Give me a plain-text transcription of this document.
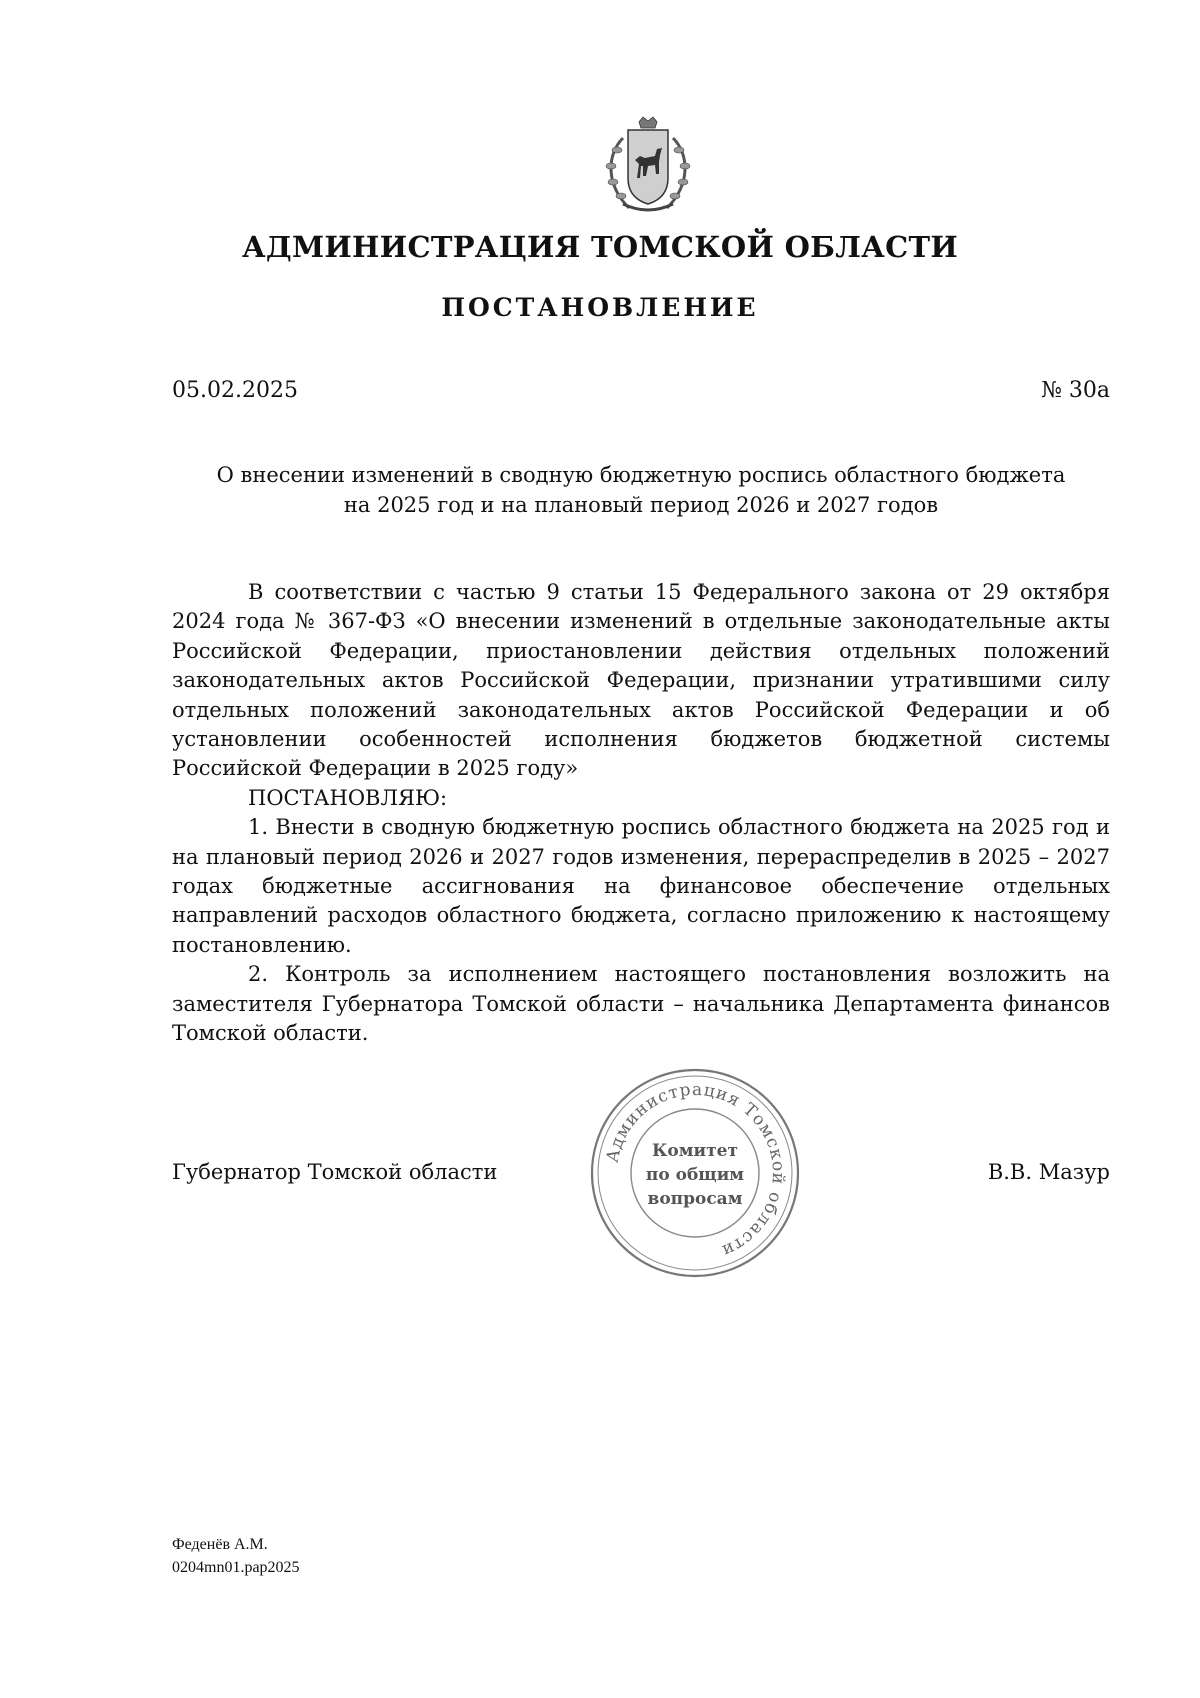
АДМИНИСТРАЦИЯ ТОМСКОЙ ОБЛАСТИ
ПОСТАНОВЛЕНИЕ
05.02.2025	№ 30а
О внесении изменений в сводную бюджетную роспись областного бюджета
на 2025 год и на плановый период 2026 и 2027 годов

В соответствии с частью 9 статьи 15 Федерального закона от 29 октября 2024 года № 367-ФЗ «О внесении изменений в отдельные законодательные акты Российской Федерации, приостановлении действия отдельных положений законодательных актов Российской Федерации, признании утратившими силу отдельных положений законодательных актов Российской Федерации и об установлении особенностей исполнения бюджетов бюджетной системы Российской Федерации в 2025 году»

ПОСТАНОВЛЯЮ:

1. Внести в сводную бюджетную роспись областного бюджета на 2025 год и на плановый период 2026 и 2027 годов изменения, перераспределив в 2025 – 2027 годах бюджетные ассигнования на финансовое обеспечение отдельных направлений расходов областного бюджета, согласно приложению к настоящему постановлению.

2. Контроль за исполнением настоящего постановления возложить на заместителя Губернатора Томской области – начальника Департамента финансов Томской области.

Губернатор Томской области	В.В. Мазур
Администрация Томской области
Комитет
по общим
вопросам
Феденёв А.М.
0204mn01.pap2025
